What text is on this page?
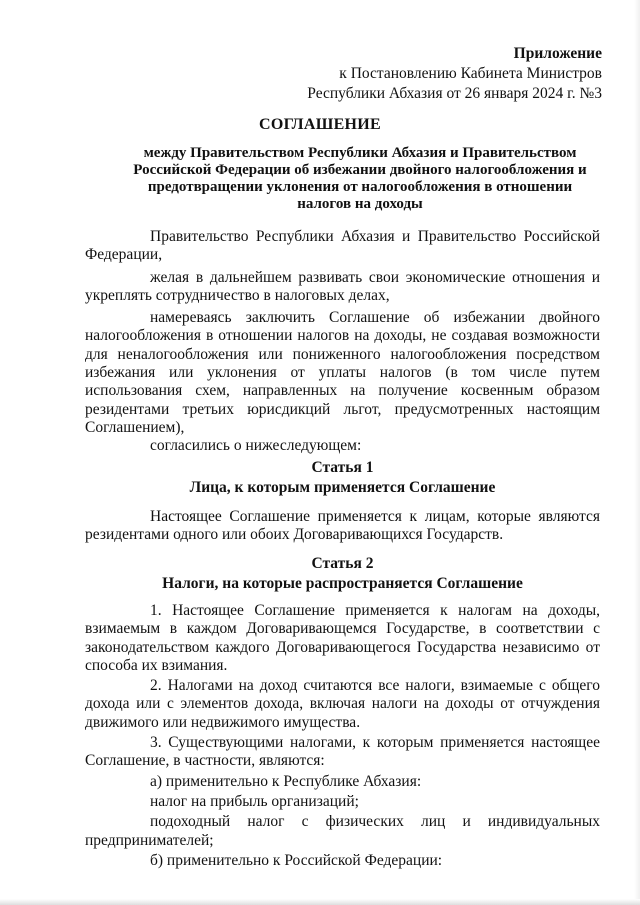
Приложение
к Постановлению Кабинета Министров
Республики Абхазия от 26 января 2024 г. №3
СОГЛАШЕНИЕ
между Правительством Республики Абхазия и Правительством Российской Федерации об избежании двойного налогообложения и предотвращении уклонения от налогообложения в отношении налогов на доходы

Правительство Республики Абхазия и Правительство Российской Федерации,

желая в дальнейшем развивать свои экономические отношения и укреплять сотрудничество в налоговых делах,

намереваясь заключить Соглашение об избежании двойного налогообложения в отношении налогов на доходы, не создавая возможности для неналогообложения или пониженного налогообложения посредством избежания или уклонения от уплаты налогов (в том числе путем использования схем, направленных на получение косвенным образом резидентами третьих юрисдикций льгот, предусмотренных настоящим Соглашением),

согласились о нижеследующем:

Статья 1
Лица, к которым применяется Соглашение

Настоящее Соглашение применяется к лицам, которые являются резидентами одного или обоих Договаривающихся Государств.

Статья 2
Налоги, на которые распространяется Соглашение

1. Настоящее Соглашение применяется к налогам на доходы, взимаемым в каждом Договаривающемся Государстве, в соответствии с законодательством каждого Договаривающегося Государства независимо от способа их взимания.

2. Налогами на доход считаются все налоги, взимаемые с общего дохода или с элементов дохода, включая налоги на доходы от отчуждения движимого или недвижимого имущества.

3. Существующими налогами, к которым применяется настоящее Соглашение, в частности, являются:

а) применительно к Республике Абхазия:

налог на прибыль организаций;

подоходный налог с физических лиц и индивидуальных предпринимателей;

б) применительно к Российской Федерации:
